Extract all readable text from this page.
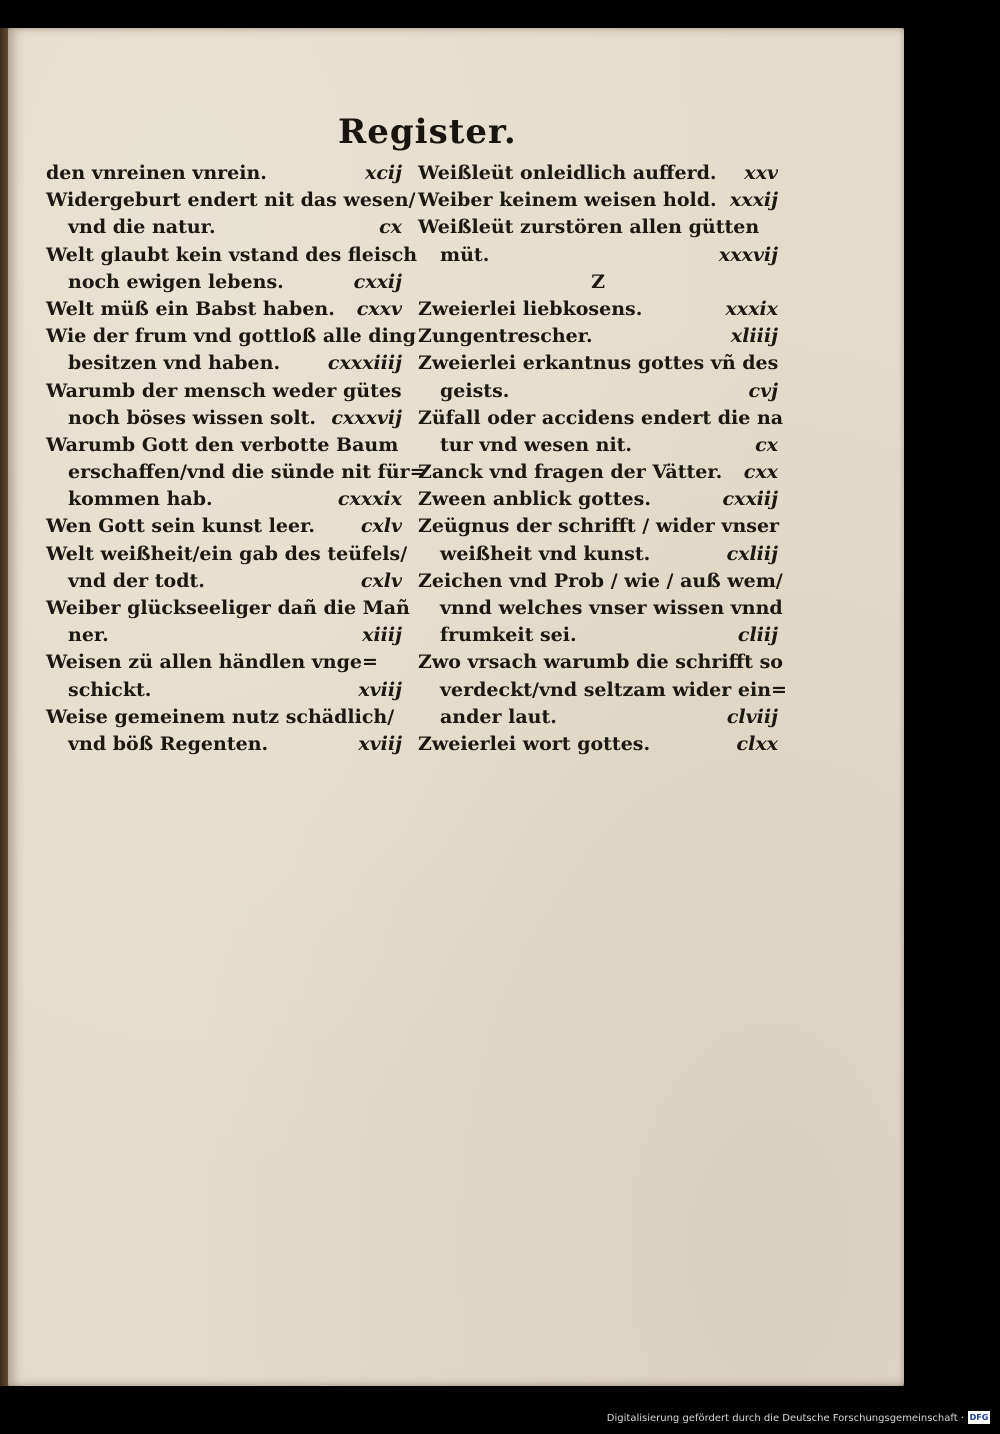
Register.
den vnreinen vnrein.	xcij
Widergeburt endert nit das wesen/
vnd die natur.	cx
Welt glaubt kein vstand des fleisch
noch ewigen lebens.	cxxij
Welt müß ein Babst haben. cxxv
Wie der frum vnd gottloß alle ding
besitzen vnd haben.	cxxxiiij
Warumb der mensch weder gütes
noch böses wissen solt. cxxxvij
Warumb Gott den verbotte Baum
erschaffen/vnd die sünde nit für=
kommen hab.	cxxxix
Wen Gott sein kunst leer. cxlv
Welt weißheit/ein gab des teüfels/
vnd der todt.	cxlv
Weiber glückseeliger dañ die Mañ
ner.	xiiij
Weisen zü allen händlen vnge=
schickt.	xviij
Weise gemeinem nutz schädlich/
vnd böß Regenten.	xviij
Weißleüt onleidlich aufferd. xxv
Weiber keinem weisen hold. xxxij
Weißleüt zurstören allen gütten
müt.	xxxvij
Z
Zweierlei liebkosens.	xxxix
Zungentrescher.	xliiij
Zweierlei erkantnus gottes vñ des
geists.	cvj
Züfall oder accidens endert die na
tur vnd wesen nit.	cx
Zanck vnd fragen der Vätter. cxx
Zween anblick gottes.	cxxiij
Zeügnus der schrifft / wider vnser
weißheit vnd kunst.	cxliij
Zeichen vnd Prob / wie / auß wem/
vnnd welches vnser wissen vnnd
frumkeit sei.	cliij
Zwo vrsach warumb die schrifft so
verdeckt/vnd seltzam wider ein=
ander laut.	clviij
Zweierlei wort gottes.	clxx
Digitalisierung gefördert durch die Deutsche Forschungsgemeinschaft · DFG
